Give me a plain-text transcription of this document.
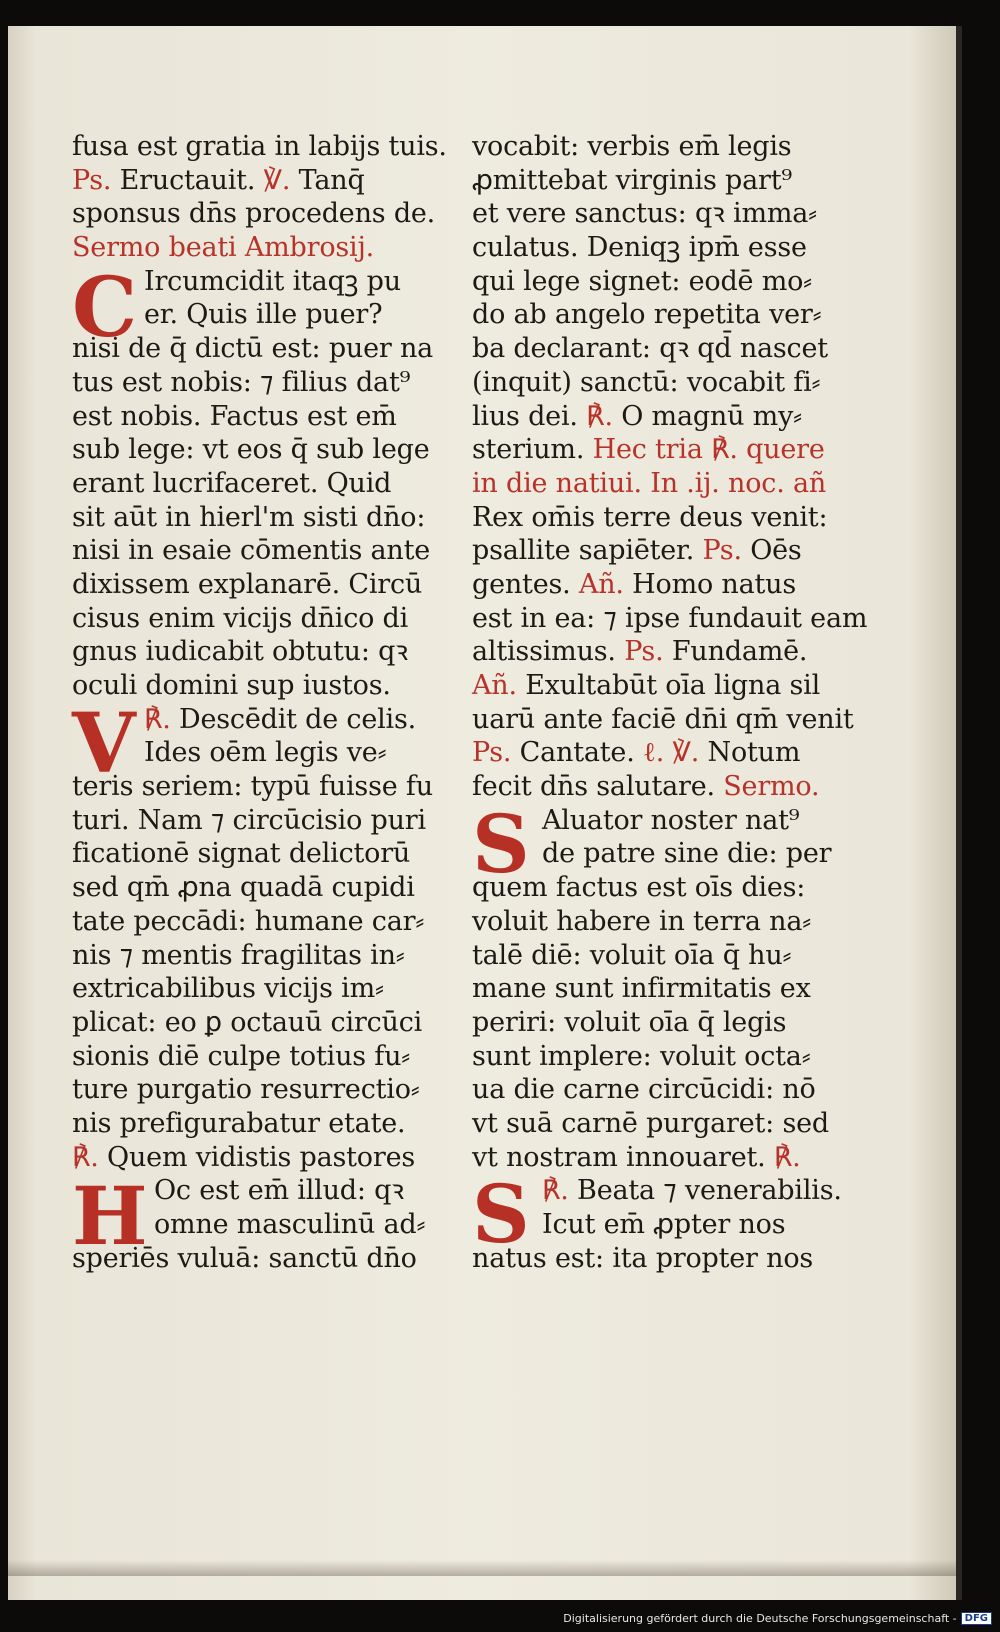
fusa est gratia in labijs tuis.
Ps. Eructauit. ℣. Tanq̄
sponsus dn̄s procedens de.
Sermo beati Ambrosij.
C Ircumcidit itaqꝫ pu
er. Quis ille puer?
nisi de q̄ dictū est: puer na
tus est nobis: ⁊ filius dat⁹
est nobis. Factus est em̄
sub lege: vt eos q̄ sub lege
erant lucrifaceret. Quid
sit aūt in hierl'm sisti dn̄o:
nisi in esaie cōmentis ante
dixissem explanarē. Circū
cisus enim vicijs dn̄ico di
gnus iudicabit obtutu: qꝛ
oculi domini sup iustos.
V ℟. Descēdit de celis.
Ides oēm legis ve⸗
teris seriem: typū fuisse fu
turi. Nam ⁊ circūcisio puri
ficationē signat delictorū
sed qm̄ ꝓna quadā cupidi
tate peccādi: humane car⸗
nis ⁊ mentis fragilitas in⸗
extricabilibus vicijs im⸗
plicat: eo ꝑ octauū circūci
sionis diē culpe totius fu⸗
ture purgatio resurrectio⸗
nis prefigurabatur etate.
℟. Quem vidistis pastores
H Oc est em̄ illud: qꝛ
omne masculinū ad⸗
speriēs vuluā: sanctū dn̄o
vocabit: verbis em̄ legis
ꝓmittebat virginis part⁹
et vere sanctus: qꝛ imma⸗
culatus. Deniqꝫ ipm̄ esse
qui lege signet: eodē mo⸗
do ab angelo repetita ver⸗
ba declarant: qꝛ qd̄ nascet
(inquit) sanctū: vocabit fi⸗
lius dei. ℟. O magnū my⸗
sterium. Hec tria ℟. quere
in die natiui. In .ij. noc. añ
Rex om̄is terre deus venit:
psallite sapiēter. Ps. Oēs
gentes. Añ. Homo natus
est in ea: ⁊ ipse fundauit eam
altissimus. Ps. Fundamē.
Añ. Exultabūt oīa ligna sil
uarū ante faciē dn̄i qm̄ venit
Ps. Cantate. ℓ. ℣. Notum
fecit dn̄s salutare. Sermo.
S Aluator noster nat⁹
de patre sine die: per
quem factus est oīs dies:
voluit habere in terra na⸗
talē diē: voluit oīa q̄ hu⸗
mane sunt infirmitatis ex
periri: voluit oīa q̄ legis
sunt implere: voluit octa⸗
ua die carne circūcidi: nō
vt suā carnē purgaret: sed
vt nostram innouaret. ℟.
S ℟. Beata ⁊ venerabilis.
Icut em̄ ꝓpter nos
natus est: ita propter nos
Digitalisierung gefördert durch die Deutsche Forschungsgemeinschaft - DFG
